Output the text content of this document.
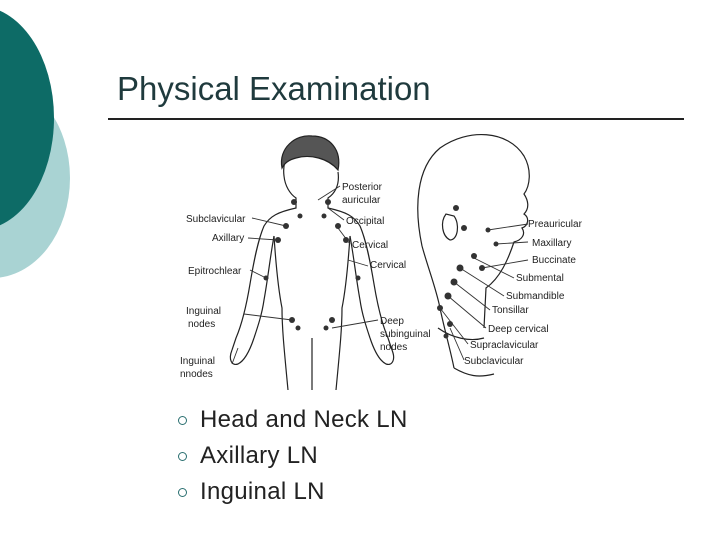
Physical Examination
Posterior
auricular
Subclavicular	Occipital
Axillary
Cervical
Cervical
Epitrochlear
Inguinal
nodes	Deep
subinguinal
nodes
Inguinal
nnodes
Preauricular
Maxillary
Buccinate
Submental
Submandible
Tonsillar
Deep cervical
Supraclavicular
Subclavicular
Head and Neck LN
Axillary LN
Inguinal LN
